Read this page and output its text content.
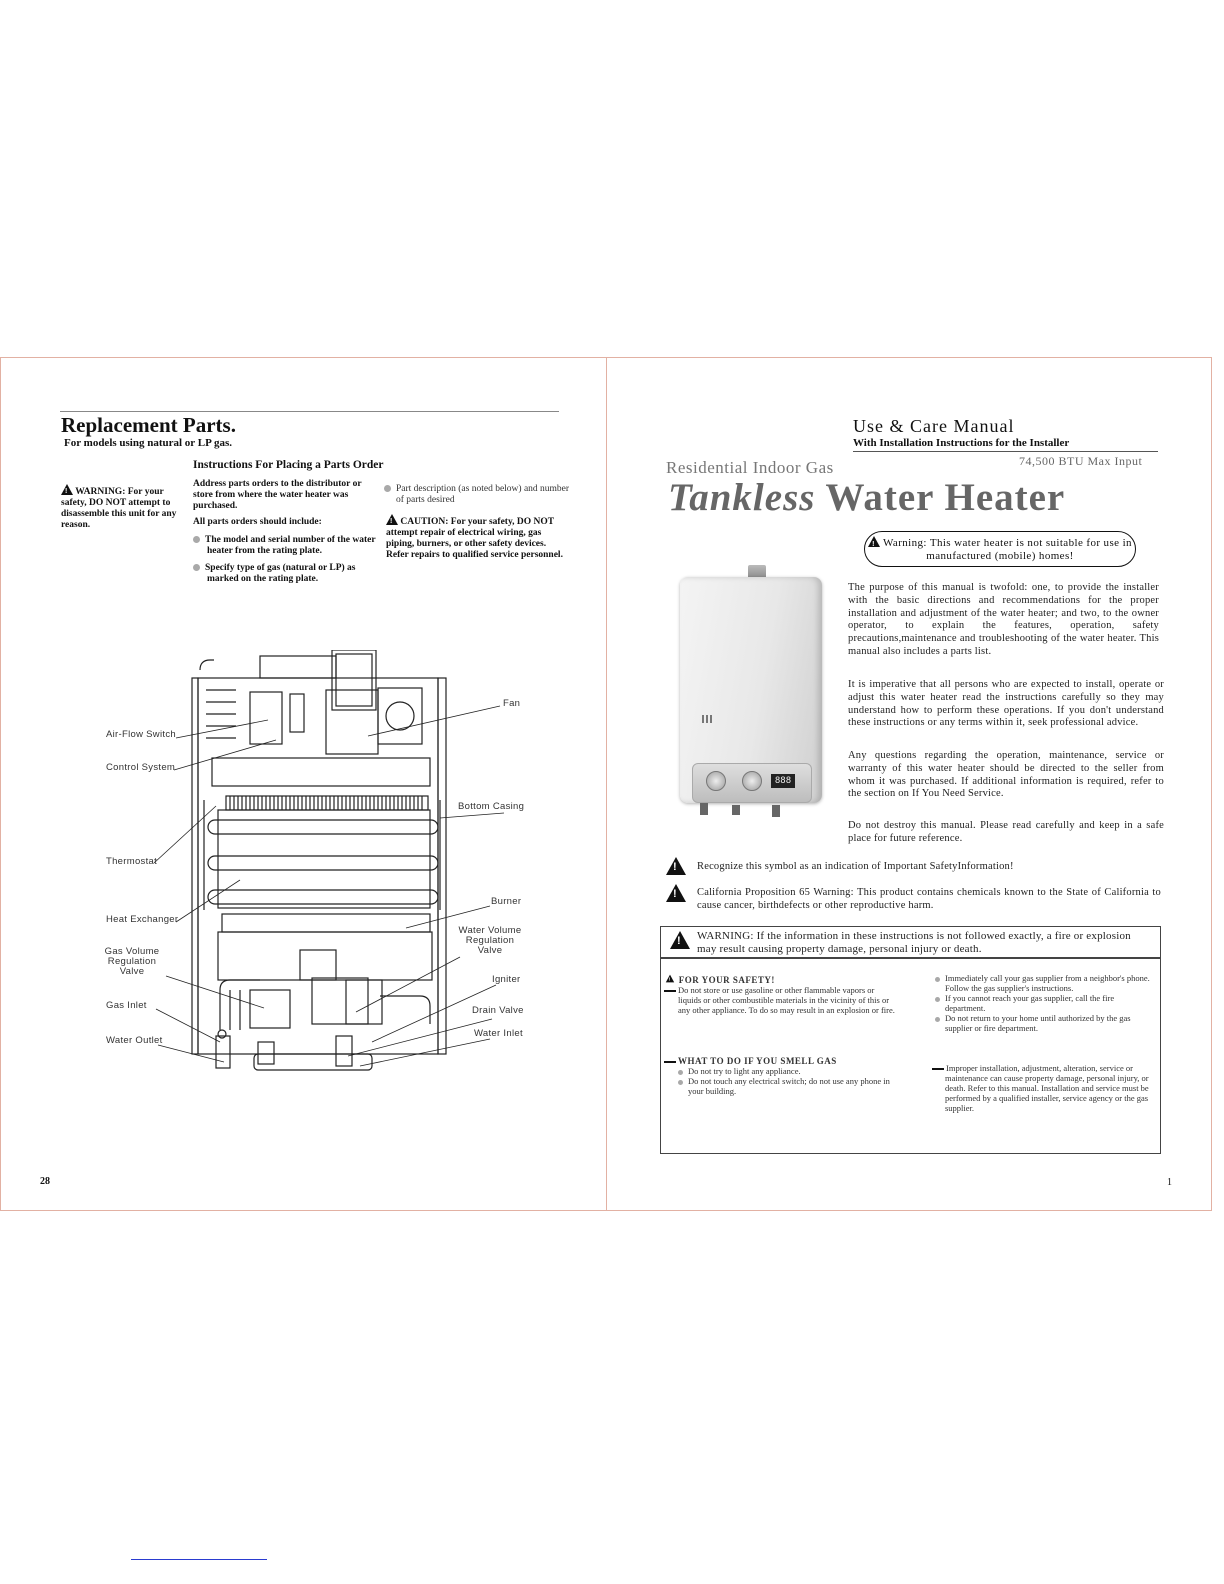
Replacement Parts.
For models using natural or LP gas.
Instructions For Placing a Parts Order
! WARNING: For your safety, DO NOT attempt to disassemble this unit for any reason.
Address parts orders to the distributor or store from where the water heater was purchased.
All parts orders should include:
The model and serial number of the water heater from the rating plate.
Specify type of gas (natural or LP) as marked on the rating plate.
Part description (as noted below) and number of parts desired
! CAUTION: For your safety, DO NOT attempt repair of electrical wiring, gas piping, burners, or other safety devices. Refer repairs to qualified service personnel.
Air-Flow Switch
Control System
Thermostat
Heat Exchanger
Gas Volume Regulation Valve
Gas Inlet
Water Outlet
Fan
Bottom Casing
Burner
Water Volume Regulation Valve
Igniter
Drain Valve
Water Inlet
28
Use & Care Manual
With Installation Instructions for the Installer
74,500 BTU Max Input
Residential Indoor Gas
Tankless Water Heater
! Warning: This water heater is not suitable for use in manufactured (mobile) homes!
888
The purpose of this manual is twofold: one, to provide the installer with the basic directions and recommendations for the proper installation and adjustment of the water heater; and two, to the owner operator, to explain the features, operation, safety precautions,maintenance and troubleshooting of the water heater. This manual also includes a parts list.
It is imperative that all persons who are expected to install, operate or adjust this water heater read the instructions carefully so they may understand how to perform these operations. If you don't understand these instructions or any terms within it, seek professional advice.
Any questions regarding the operation, maintenance, service or warranty of this water heater should be directed to the seller from whom it was purchased. If additional information is required, refer to the section on If You Need Service.
Do not destroy this manual. Please read carefully and keep in a safe place for future reference.
!
Recognize this symbol as an indication of Important SafetyInformation!
!
California Proposition 65 Warning: This product contains chemicals known to the State of California to cause cancer, birthdefects or other reproductive harm.
!
WARNING: If the information in these instructions is not followed exactly, a fire or explosion may result causing property damage, personal injury or death.
! FOR YOUR SAFETY!
Do not store or use gasoline or other flammable vapors or liquids or other combustible materials in the vicinity of this or any other appliance. To do so may result in an explosion or fire.
WHAT TO DO IF YOU SMELL GAS
Do not try to light any appliance.
Do not touch any electrical switch; do not use any phone in your building.
Immediately call your gas supplier from a neighbor's phone. Follow the gas supplier's instructions.
If you cannot reach your gas supplier, call the fire department.
Do not return to your home until authorized by the gas supplier or fire department.
Improper installation, adjustment, alteration, service or maintenance can cause property damage, personal injury, or death. Refer to this manual. Installation and service must be performed by a qualified installer, service agency or the gas supplier.
1
